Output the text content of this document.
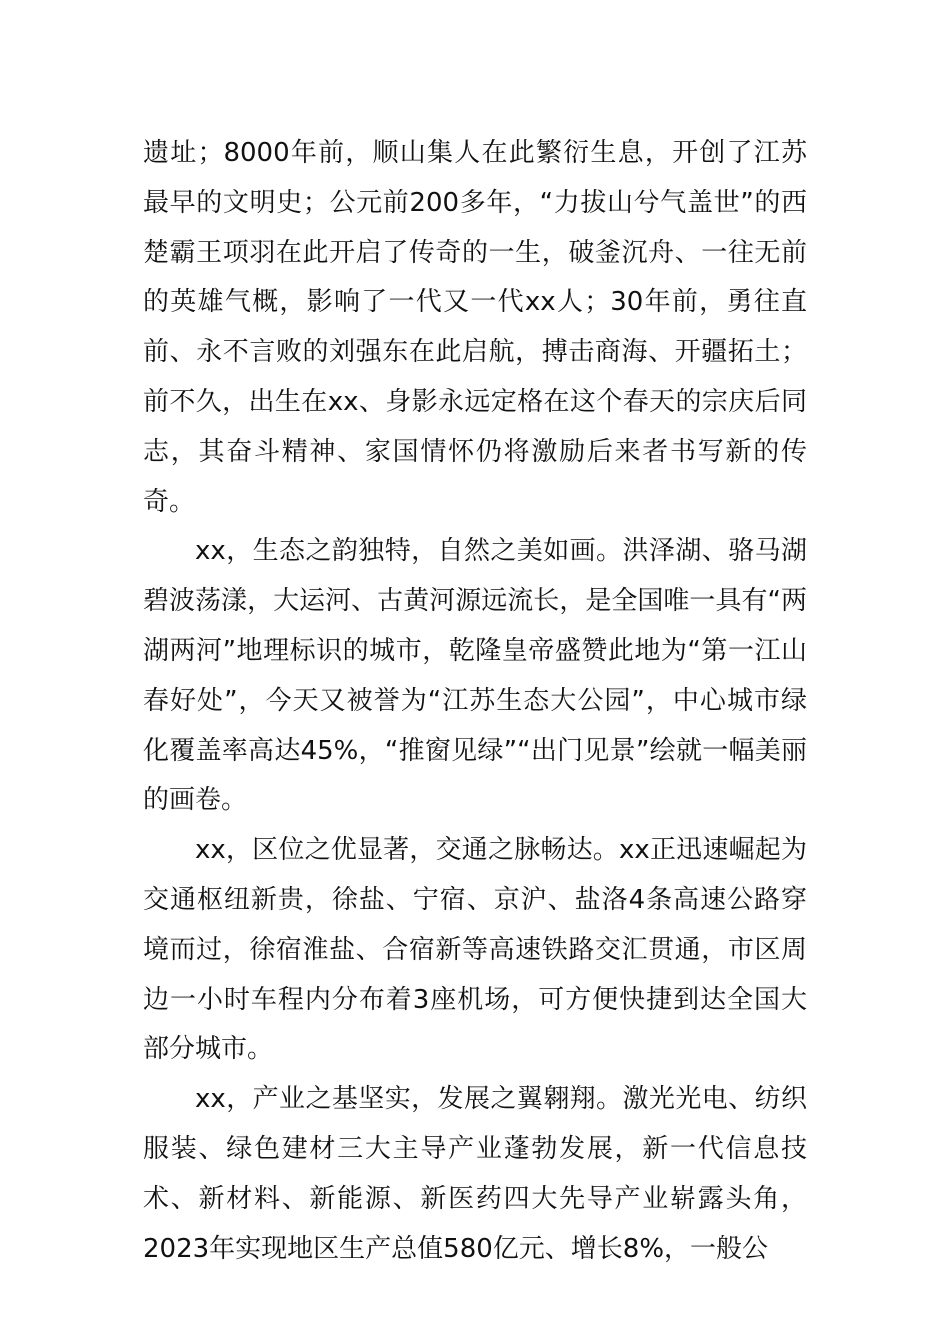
遗址；8000年前，顺山集人在此繁衍生息，开创了江苏最早的文明史；公元前200多年，“力拔山兮气盖世”的西楚霸王项羽在此开启了传奇的一生，破釜沉舟、一往无前的英雄气概，影响了一代又一代xx人；30年前，勇往直前、永不言败的刘强东在此启航，搏击商海、开疆拓土；前不久，出生在xx、身影永远定格在这个春天的宗庆后同志，其奋斗精神、家国情怀仍将激励后来者书写新的传奇。

xx，生态之韵独特，自然之美如画。洪泽湖、骆马湖碧波荡漾，大运河、古黄河源远流长，是全国唯一具有“两湖两河”地理标识的城市，乾隆皇帝盛赞此地为“第一江山春好处”，今天又被誉为“江苏生态大公园”，中心城市绿化覆盖率高达45%，“推窗见绿”“出门见景”绘就一幅美丽的画卷。

xx，区位之优显著，交通之脉畅达。xx正迅速崛起为交通枢纽新贵，徐盐、宁宿、京沪、盐洛4条高速公路穿境而过，徐宿淮盐、合宿新等高速铁路交汇贯通，市区周边一小时车程内分布着3座机场，可方便快捷到达全国大部分城市。

xx，产业之基坚实，发展之翼翱翔。激光光电、纺织服装、绿色建材三大主导产业蓬勃发展，新一代信息技术、新材料、新能源、新医药四大先导产业崭露头角，2023年实现地区生产总值580亿元、增长8%，一般公
